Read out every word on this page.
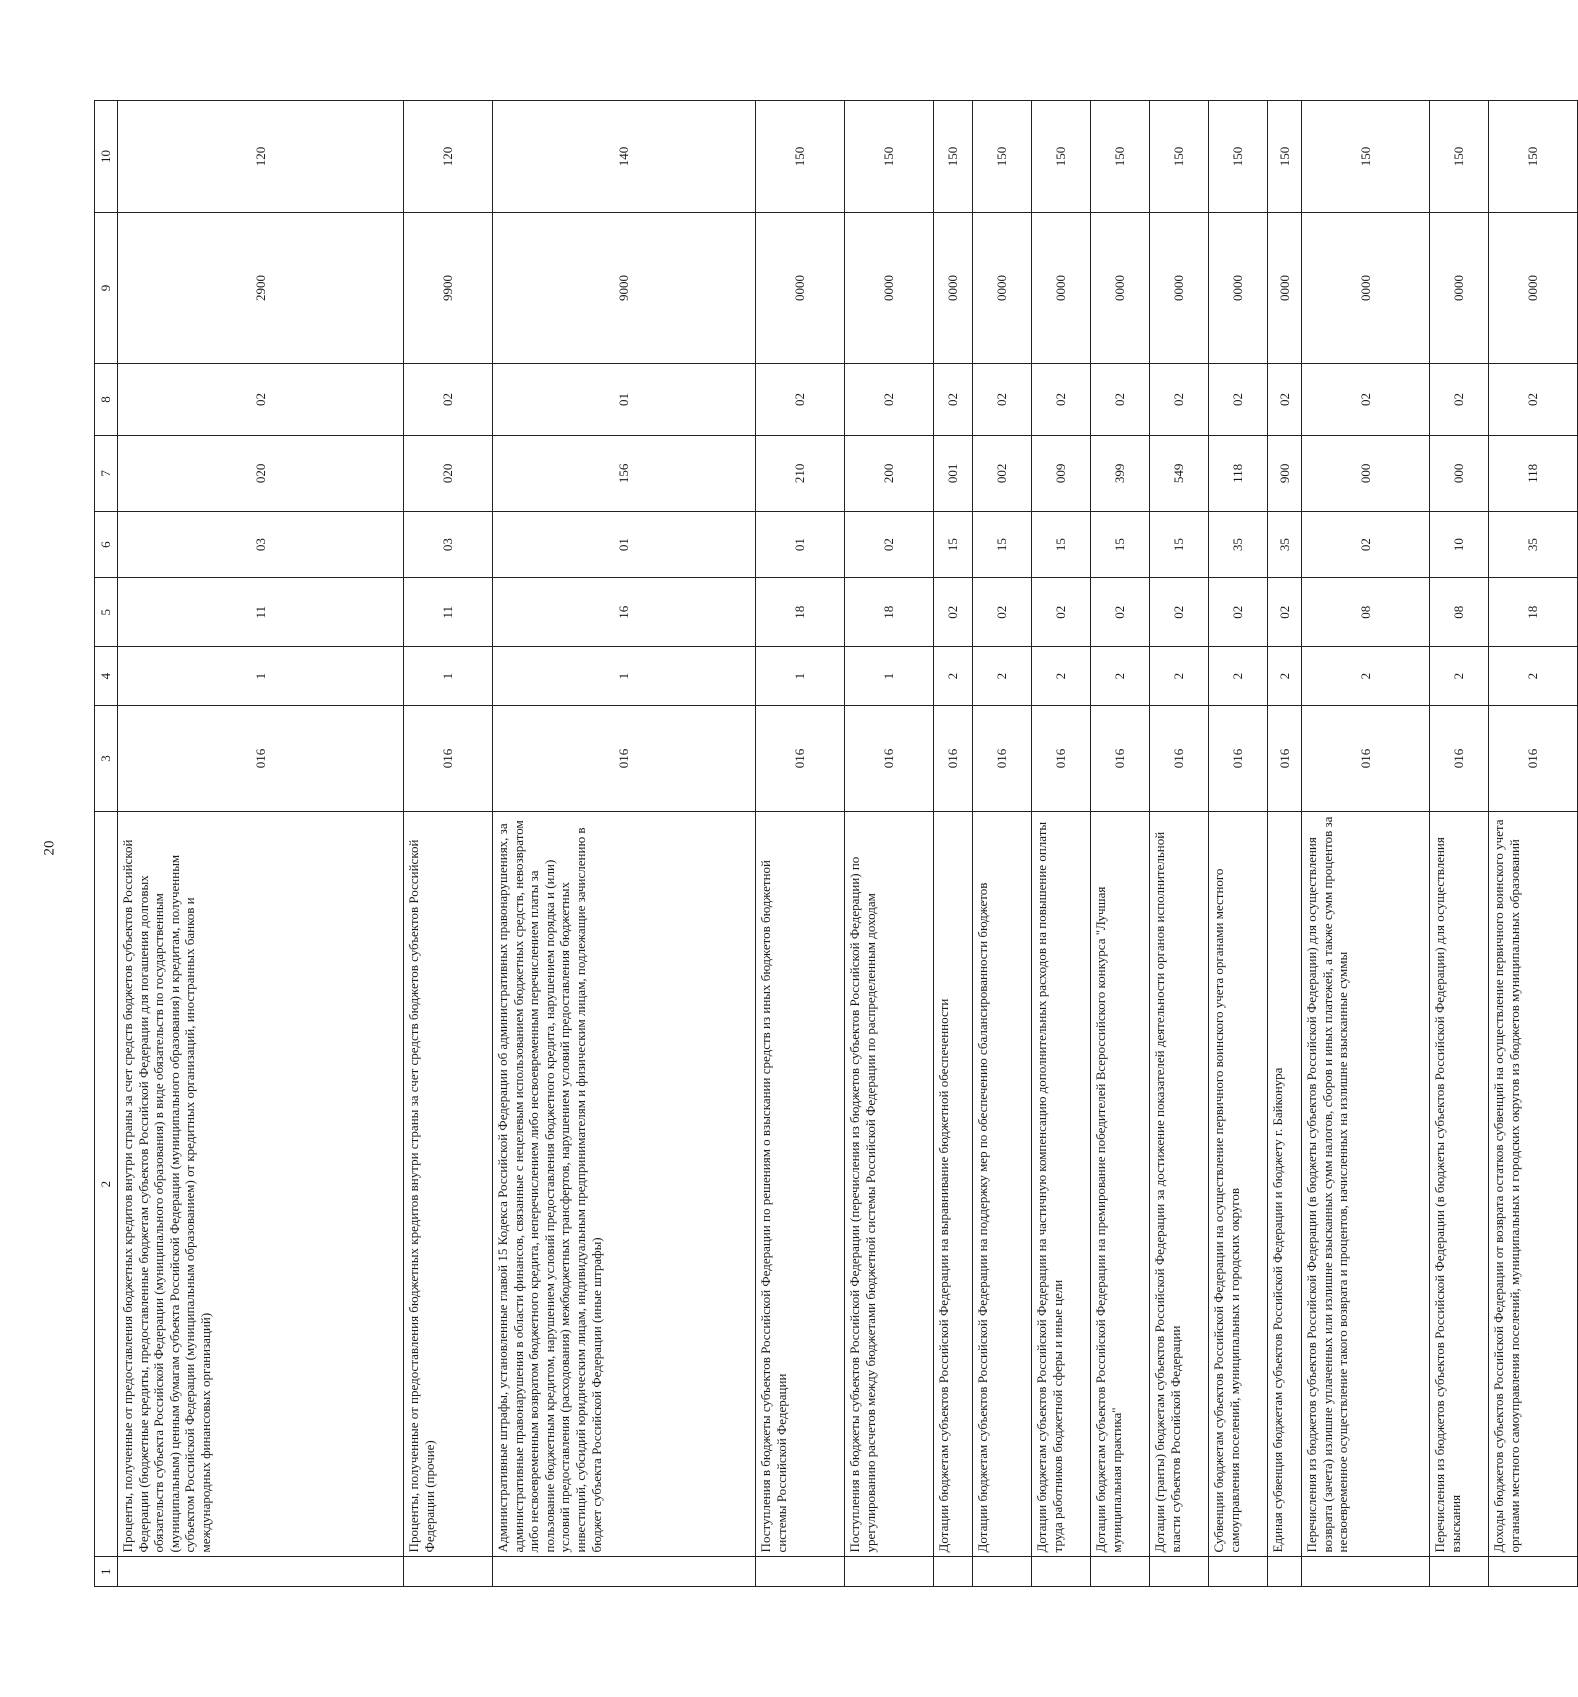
20
1	2	3	4	5	6	7	8	9	10
	Проценты, полученные от предоставления бюджетных кредитов внутри страны за счет средств бюджетов субъектов Российской Федерации (бюджетные кредиты, предоставленные бюджетам субъектов Российской Федерации для погашения долговых обязательств субъекта Российской Федерации (муниципального образования) в виде обязательств по государственным (муниципальным) ценным бумагам субъекта Российской Федерации (муниципального образования) и кредитам, полученным субъектом Российской Федерации (муниципальным образованием) от кредитных организаций, иностранных банков и международных финансовых организаций)	016	1	11	03	020	02	2900	120
	Проценты, полученные от предоставления бюджетных кредитов внутри страны за счет средств бюджетов субъектов Российской Федерации (прочие)	016	1	11	03	020	02	9900	120
	Административные штрафы, установленные главой 15 Кодекса Российской Федерации об административных правонарушениях, за административные правонарушения в области финансов, связанные с нецелевым использованием бюджетных средств, невозвратом либо несвоевременным возвратом бюджетного кредита, неперечислением либо несвоевременным перечислением платы за пользование бюджетным кредитом, нарушением условий предоставления бюджетного кредита, нарушением порядка и (или) условий предоставления (расходования) межбюджетных трансфертов, нарушением условий предоставления бюджетных инвестиций, субсидий юридическим лицам, индивидуальным предпринимателям и физическим лицам, подлежащие зачислению в бюджет субъекта Российской Федерации (иные штрафы)	016	1	16	01	156	01	9000	140
	Поступления в бюджеты субъектов Российской Федерации по решениям о взыскании средств из иных бюджетов бюджетной системы Российской Федерации	016	1	18	01	210	02	0000	150
	Поступления в бюджеты субъектов Российской Федерации (перечисления из бюджетов субъектов Российской Федерации) по урегулированию расчетов между бюджетами бюджетной системы Российской Федерации по распределенным доходам	016	1	18	02	200	02	0000	150
	Дотации бюджетам субъектов Российской Федерации на выравнивание бюджетной обеспеченности	016	2	02	15	001	02	0000	150
	Дотации бюджетам субъектов Российской Федерации на поддержку мер по обеспечению сбалансированности бюджетов	016	2	02	15	002	02	0000	150
	Дотации бюджетам субъектов Российской Федерации на частичную компенсацию дополнительных расходов на повышение оплаты труда работников бюджетной сферы и иные цели	016	2	02	15	009	02	0000	150
	Дотации бюджетам субъектов Российской Федерации на премирование победителей Всероссийского конкурса "Лучшая муниципальная практика"	016	2	02	15	399	02	0000	150
	Дотации (гранты) бюджетам субъектов Российской Федерации за достижение показателей деятельности органов исполнительной власти субъектов Российской Федерации	016	2	02	15	549	02	0000	150
	Субвенции бюджетам субъектов Российской Федерации на осуществление первичного воинского учета органами местного самоуправления поселений, муниципальных и городских округов	016	2	02	35	118	02	0000	150
	Единая субвенция бюджетам субъектов Российской Федерации и бюджету г. Байконура	016	2	02	35	900	02	0000	150
	Перечисления из бюджетов субъектов Российской Федерации (в бюджеты субъектов Российской Федерации) для осуществления возврата (зачета) излишне уплаченных или излишне взысканных сумм налогов, сборов и иных платежей, а также сумм процентов за несвоевременное осуществление такого возврата и процентов, начисленных на излишне взысканные суммы	016	2	08	02	000	02	0000	150
	Перечисления из бюджетов субъектов Российской Федерации (в бюджеты субъектов Российской Федерации) для осуществления взыскания	016	2	08	10	000	02	0000	150
	Доходы бюджетов субъектов Российской Федерации от возврата остатков субвенций на осуществление первичного воинского учета органами местного самоуправления поселений, муниципальных и городских округов из бюджетов муниципальных образований	016	2	18	35	118	02	0000	150
